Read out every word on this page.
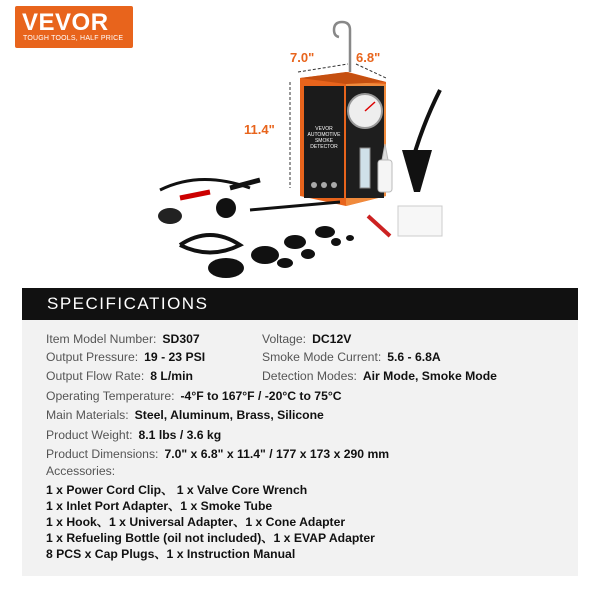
VEVOR
TOUGH TOOLS, HALF PRICE
7.0"	6.8"
11.4"	VEVOR
AUTOMOTIVE
SMOKE
DETECTOR
SPECIFICATIONS
Item Model Number: SD307	Voltage: DC12V
Output Pressure: 19 - 23 PSI	Smoke Mode Current: 5.6 - 6.8A
Output Flow Rate: 8 L/min	Detection Modes: Air Mode, Smoke Mode
Operating Temperature: -4°F to 167°F / -20°C to 75°C
Main Materials: Steel, Aluminum, Brass, Silicone
Product Weight: 8.1 lbs / 3.6 kg
Product Dimensions: 7.0" x 6.8" x 11.4" / 177 x 173 x 290 mm
Accessories:
1 x Power Cord Clip、 1 x Valve Core Wrench
1 x Inlet Port Adapter、1 x Smoke Tube
1 x Hook、1 x Universal Adapter、1 x Cone Adapter
1 x Refueling Bottle (oil not included)、1 x EVAP Adapter
8 PCS x Cap Plugs、1 x Instruction Manual
